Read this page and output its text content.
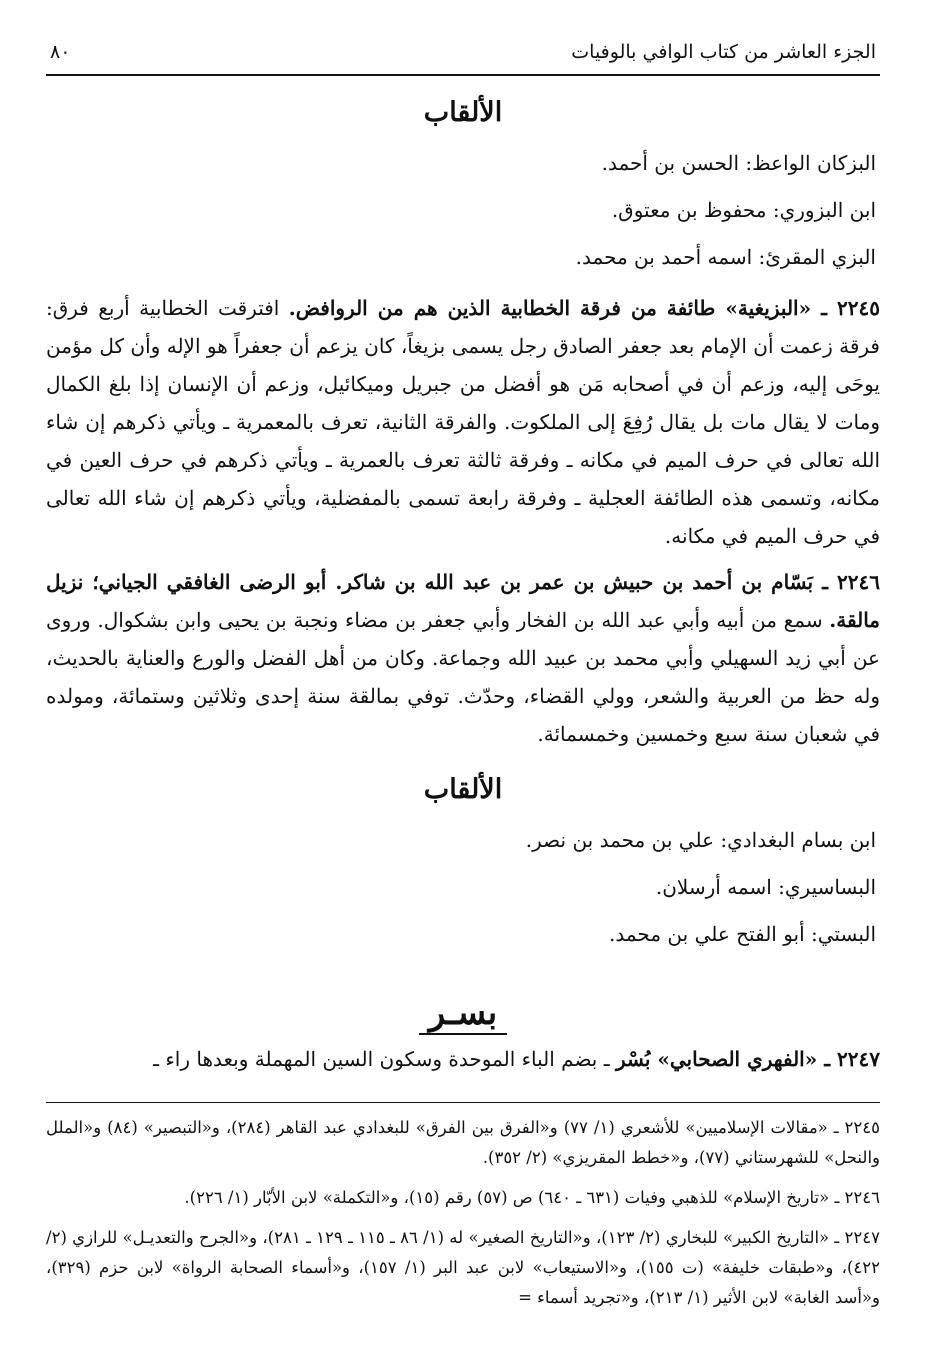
الجزء العاشر من كتاب الوافي بالوفيات
٨٠
الألقاب
البزكان الواعظ: الحسن بن أحمد.
ابن البزوري: محفوظ بن معتوق.
البزي المقرئ: اسمه أحمد بن محمد.

٢٢٤٥ ـ «البزيغية» طائفة من فرقة الخطابية الذين هم من الروافض. افترقت الخطابية أربع فرق: فرقة زعمت أن الإمام بعد جعفر الصادق رجل يسمى بزيغاً، كان يزعم أن جعفراً هو الإله وأن كل مؤمن يوحَى إليه، وزعم أن في أصحابه مَن هو أفضل من جبريل وميكائيل، وزعم أن الإنسان إذا بلغ الكمال ومات لا يقال مات بل يقال رُفِعَ إلى الملكوت. والفرقة الثانية، تعرف بالمعمرية ـ ويأتي ذكرهم إن شاء الله تعالى في حرف الميم في مكانه ـ وفرقة ثالثة تعرف بالعمرية ـ ويأتي ذكرهم في حرف العين في مكانه، وتسمى هذه الطائفة العجلية ـ وفرقة رابعة تسمى بالمفضلية، ويأتي ذكرهم إن شاء الله تعالى في حرف الميم في مكانه.

٢٢٤٦ ـ بَسّام بن أحمد بن حبيش بن عمر بن عبد الله بن شاكر. أبو الرضى الغافقي الجياني؛ نزيل مالقة. سمع من أبيه وأبي عبد الله بن الفخار وأبي جعفر بن مضاء ونجبة بن يحيى وابن بشكوال. وروى عن أبي زيد السهيلي وأبي محمد بن عبيد الله وجماعة. وكان من أهل الفضل والورع والعناية بالحديث، وله حظ من العربية والشعر، وولي القضاء، وحدّث. توفي بمالقة سنة إحدى وثلاثين وستمائة، ومولده في شعبان سنة سبع وخمسين وخمسمائة.

الألقاب
ابن بسام البغدادي: علي بن محمد بن نصر.
البساسيري: اسمه أرسلان.
البستي: أبو الفتح علي بن محمد.
بسـر

٢٢٤٧ ـ «الفهري الصحابي» بُسْر ـ بضم الباء الموحدة وسكون السين المهملة وبعدها راء ـ

٢٢٤٥ ـ «مقالات الإسلاميين» للأشعري (١/ ٧٧) و«الفرق بين الفرق» للبغدادي عبد القاهر (٢٨٤)، و«التبصير» (٨٤) و«الملل والنحل» للشهرستاني (٧٧)، و«خطط المقريزي» (٢/ ٣٥٢).

٢٢٤٦ ـ «تاريخ الإسلام» للذهبي وفيات (٦٣١ ـ ٦٤٠) ص (٥٧) رقم (١٥)، و«التكملة» لابن الأبّار (١/ ٢٢٦).

٢٢٤٧ ـ «التاريخ الكبير» للبخاري (٢/ ١٢٣)، و«التاريخ الصغير» له (١/ ٨٦ ـ ١١٥ ـ ١٢٩ ـ ٢٨١)، و«الجرح والتعديـل» للرازي (٢/ ٤٢٢)، و«طبقات خليفة» (ت ١٥٥)، و«الاستيعاب» لابن عبد البر (١/ ١٥٧)، و«أسماء الصحابة الرواة» لابن حزم (٣٢٩)، و«أسد الغابة» لابن الأثير (١/ ٢١٣)، و«تجريد أسماء =
